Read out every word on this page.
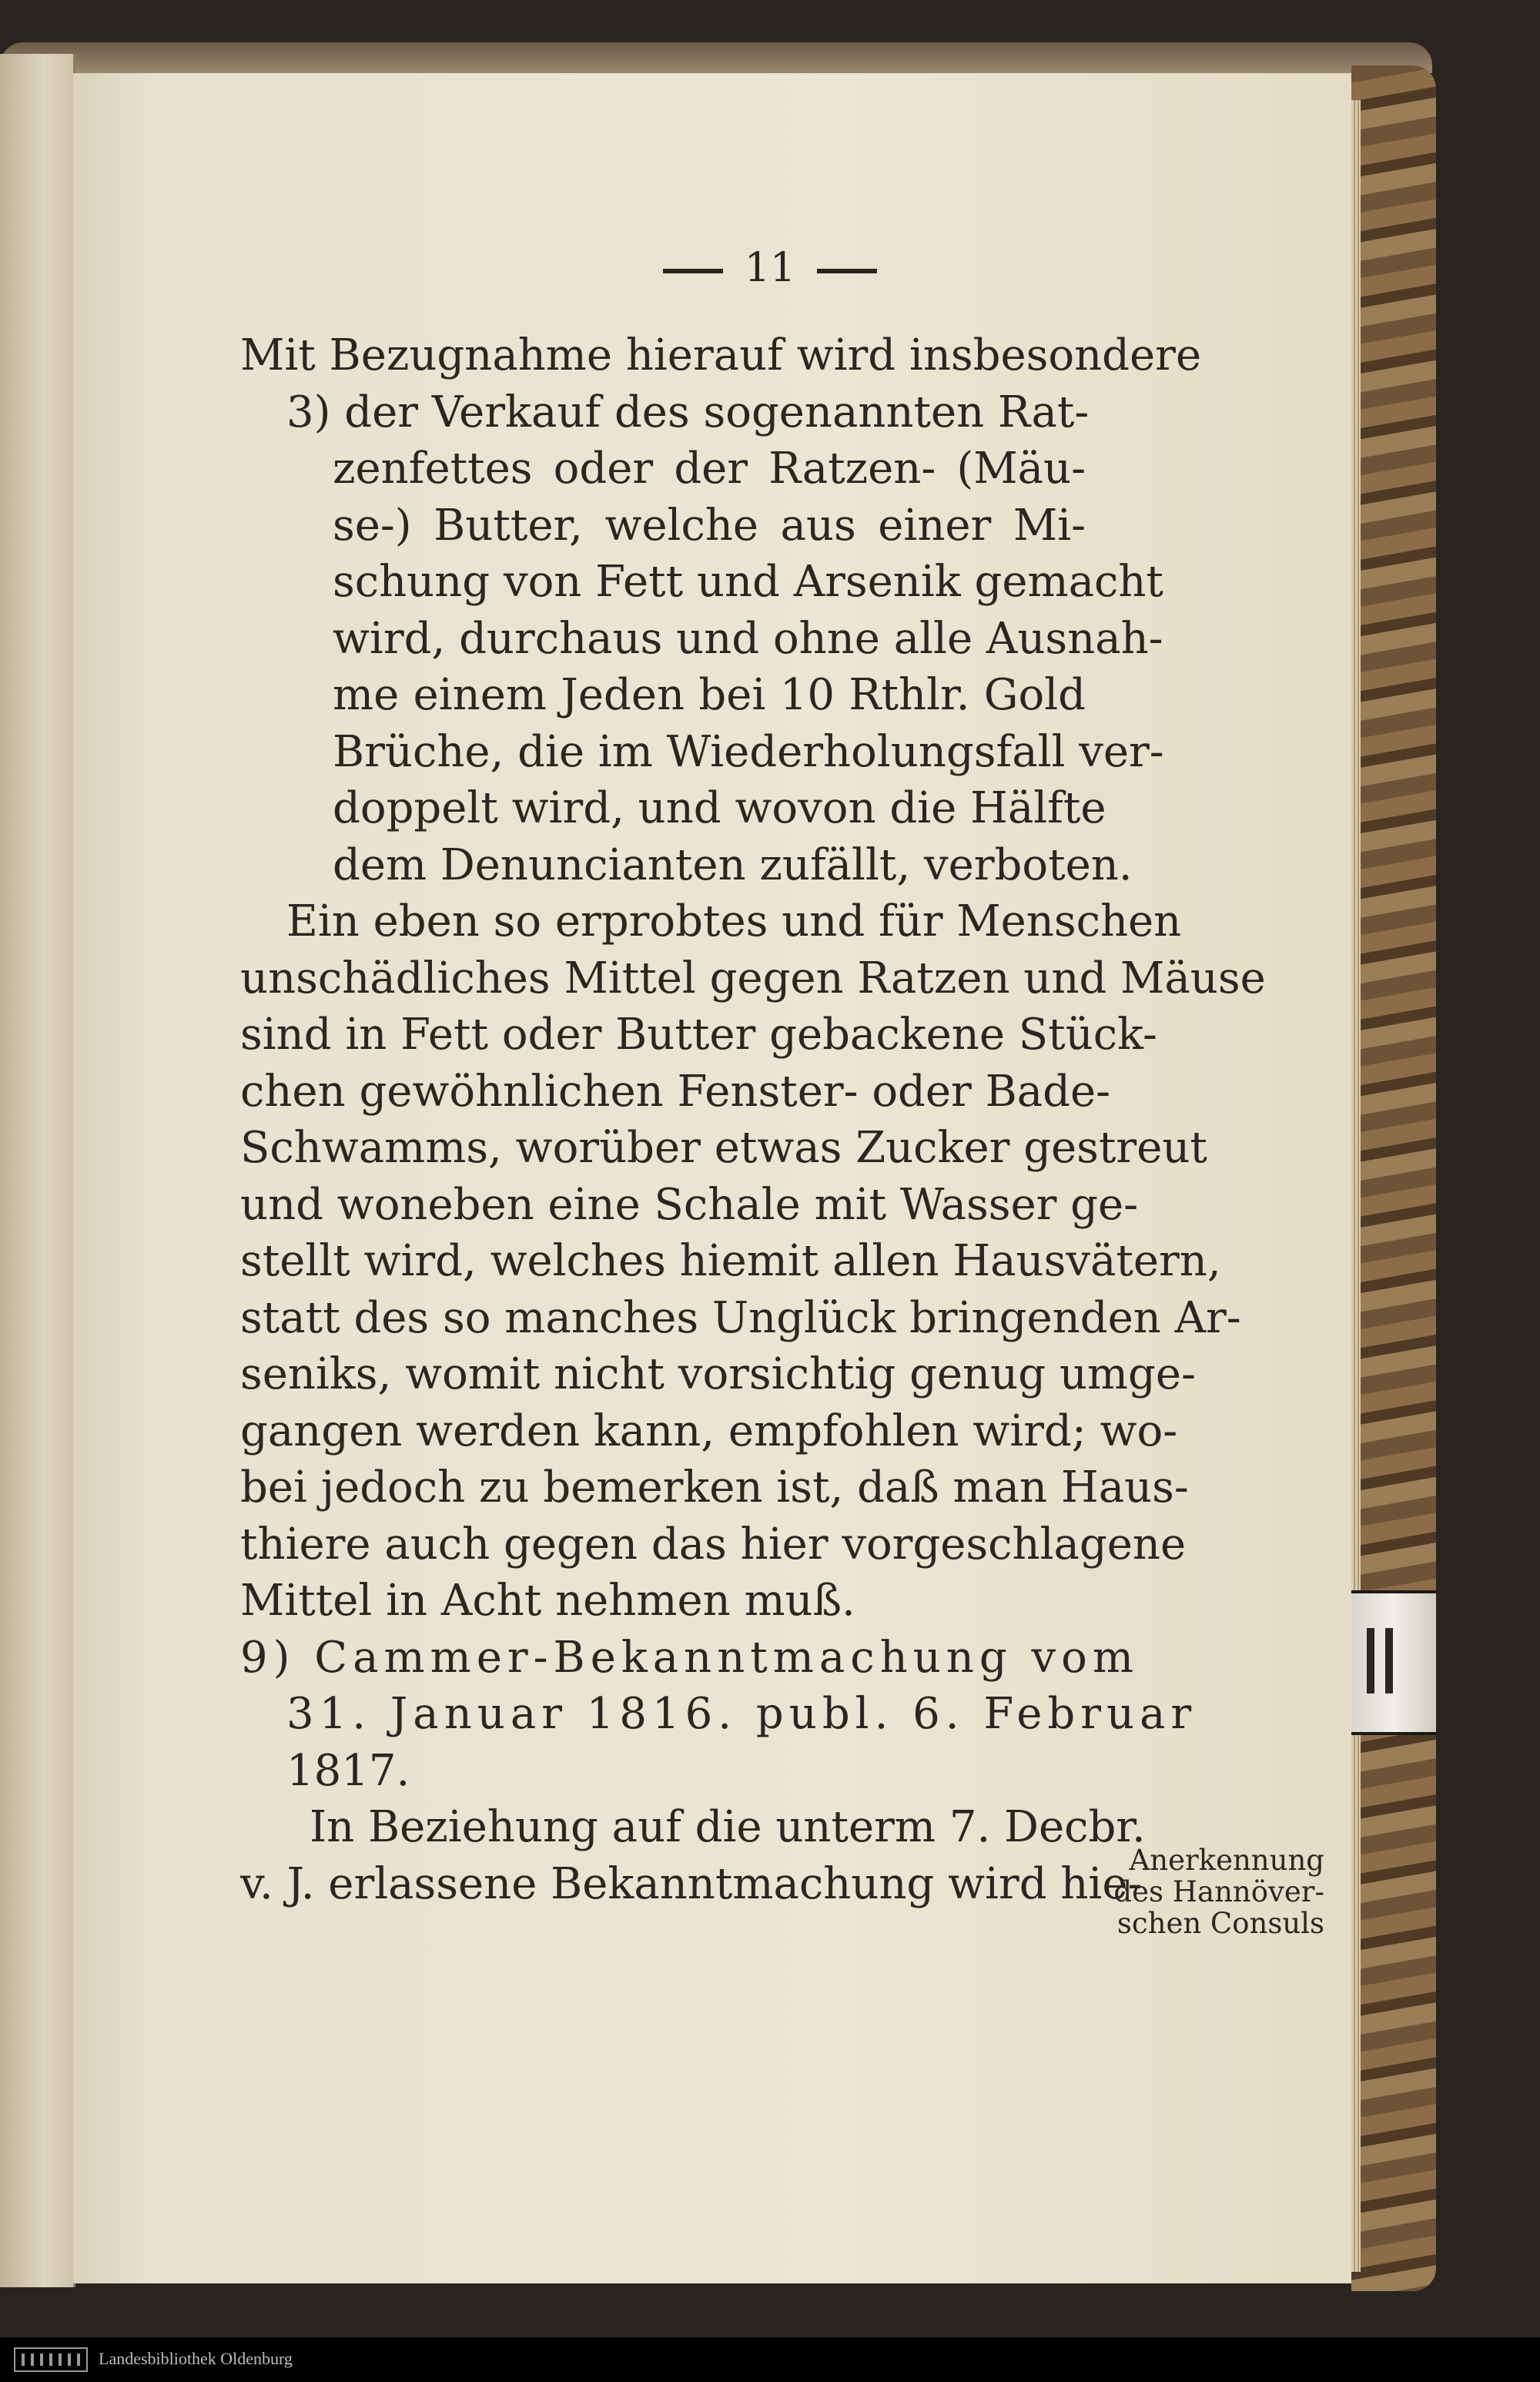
11

Mit Bezugnahme hierauf wird insbesondere

3) der Verkauf des sogenannten Rat-
zenfettes oder der Ratzen- (Mäu-
se-) Butter, welche aus einer Mi-
schung von Fett und Arsenik gemacht
wird, durchaus und ohne alle Ausnah-
me einem Jeden bei 10 Rthlr. Gold
Brüche, die im Wiederholungsfall ver-
doppelt wird, und wovon die Hälfte
dem Denuncianten zufällt, verboten.

Ein eben so erprobtes und für Menschen
unschädliches Mittel gegen Ratzen und Mäuse
sind in Fett oder Butter gebackene Stück-
chen gewöhnlichen Fenster- oder Bade-
Schwamms, worüber etwas Zucker gestreut
und woneben eine Schale mit Wasser ge-
stellt wird, welches hiemit allen Hausvätern,
statt des so manches Unglück bringenden Ar-
seniks, womit nicht vorsichtig genug umge-
gangen werden kann, empfohlen wird; wo-
bei jedoch zu bemerken ist, daß man Haus-
thiere auch gegen das hier vorgeschlagene
Mittel in Acht nehmen muß.

9) Cammer-Bekanntmachung vom
31. Januar 1816. publ. 6. Februar
1817.

In Beziehung auf die unterm 7. Decbr.
v. J. erlassene Bekanntmachung wird hie-

Anerkennung
des Hannöver-
schen Consuls
Landesbibliothek Oldenburg
